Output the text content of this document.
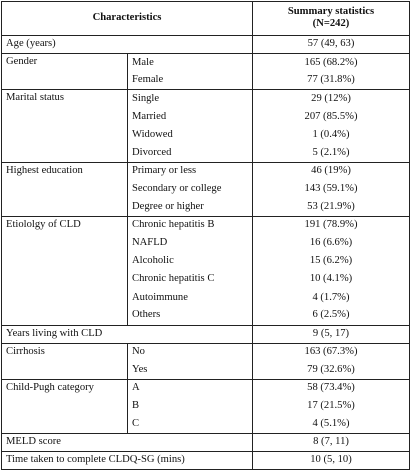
Characteristics		Summary statistics
(N=242)

Age (years)		57 (49, 63)
Gender	Male	165 (68.2%)
	Female	77 (31.8%)
Marital status	Single	29 (12%)
	Married	207 (85.5%)
	Widowed	1 (0.4%)
	Divorced	5 (2.1%)
Highest education	Primary or less	46 (19%)
	Secondary or college	143 (59.1%)
	Degree or higher	53 (21.9%)
Etiololgy of CLD	Chronic hepatitis B	191 (78.9%)
	NAFLD	16 (6.6%)
	Alcoholic	15 (6.2%)
	Chronic hepatitis C	10 (4.1%)
	Autoimmune	4 (1.7%)
	Others	6 (2.5%)
Years living with CLD		9 (5, 17)
Cirrhosis	No	163 (67.3%)
	Yes	79 (32.6%)
Child-Pugh category	A	58 (73.4%)
	B	17 (21.5%)
	C	4 (5.1%)
MELD score		8 (7, 11)
Time taken to complete CLDQ-SG (mins)		10 (5, 10)
